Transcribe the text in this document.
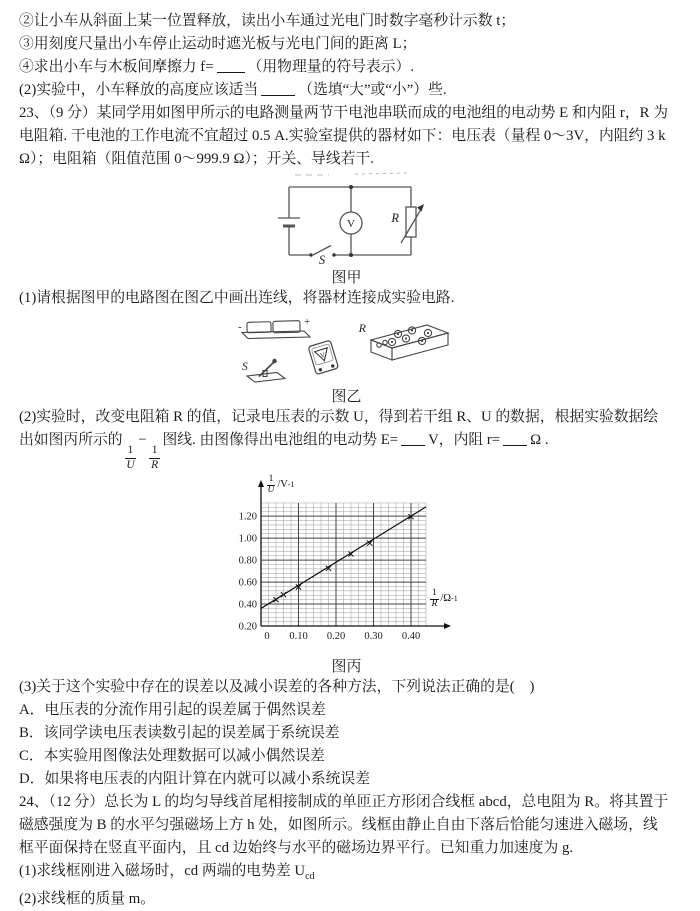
②让小车从斜面上某一位置释放，读出小车通过光电门时数字毫秒计示数 t；

③用刻度尺量出小车停止运动时遮光板与光电门间的距离 L；

④求出小车与木板间摩擦力 f= （用物理量的符号表示）.

(2)实验中，小车释放的高度应该适当	（选填“大”或“小”）些.

23、（9 分）某同学用如图甲所示的电路测量两节干电池串联而成的电池组的电动势 E 和内阻 r，R 为

电阻箱. 干电池的工作电流不宜超过 0.5 A.实验室提供的器材如下：电压表（量程 0～3V，内阻约 3 k

Ω）；电阻箱（阻值范围 0～999.9 Ω）；开关、导线若干.

V	R
S

图甲

(1)请根据图甲的电路图在图乙中画出连线，将器材连接成实验电路.

-	+
S
V
R

图乙

(2)实验时，改变电阻箱 R 的值，记录电压表的示数 U，得到若干组 R、U 的数据，根据实验数据绘

出如图丙所示的
$\frac{1}{U}$
−
$\frac{1}{R}$
图线. 由图像得出电池组的电动势 E= V，内阻 r= Ω .

0.20
0.40
0.60
0.80
1.00
1.20
0 0.10 0.20 0.30 0.40
$\frac{1}{U} /V$ -1
$\frac{1}{R} /\Omega$ -1

图丙

(3)关于这个实验中存在的误差以及减小误差的各种方法，下列说法正确的是(　)

A．电压表的分流作用引起的误差属于偶然误差

B．该同学读电压表读数引起的误差属于系统误差

C．本实验用图像法处理数据可以减小偶然误差

D．如果将电压表的内阻计算在内就可以减小系统误差

24、（12 分）总长为 L 的均匀导线首尾相接制成的单匝正方形闭合线框 abcd，总电阻为 R。将其置于

磁感强度为 B 的水平匀强磁场上方 h 处，如图所示。线框由静止自由下落后恰能匀速进入磁场，线

框平面保持在竖直平面内，且 cd 边始终与水平的磁场边界平行。已知重力加速度为 g.

(1)求线框刚进入磁场时，cd 两端的电势差 $U_{cd}$

(2)求线框的质量 m。
